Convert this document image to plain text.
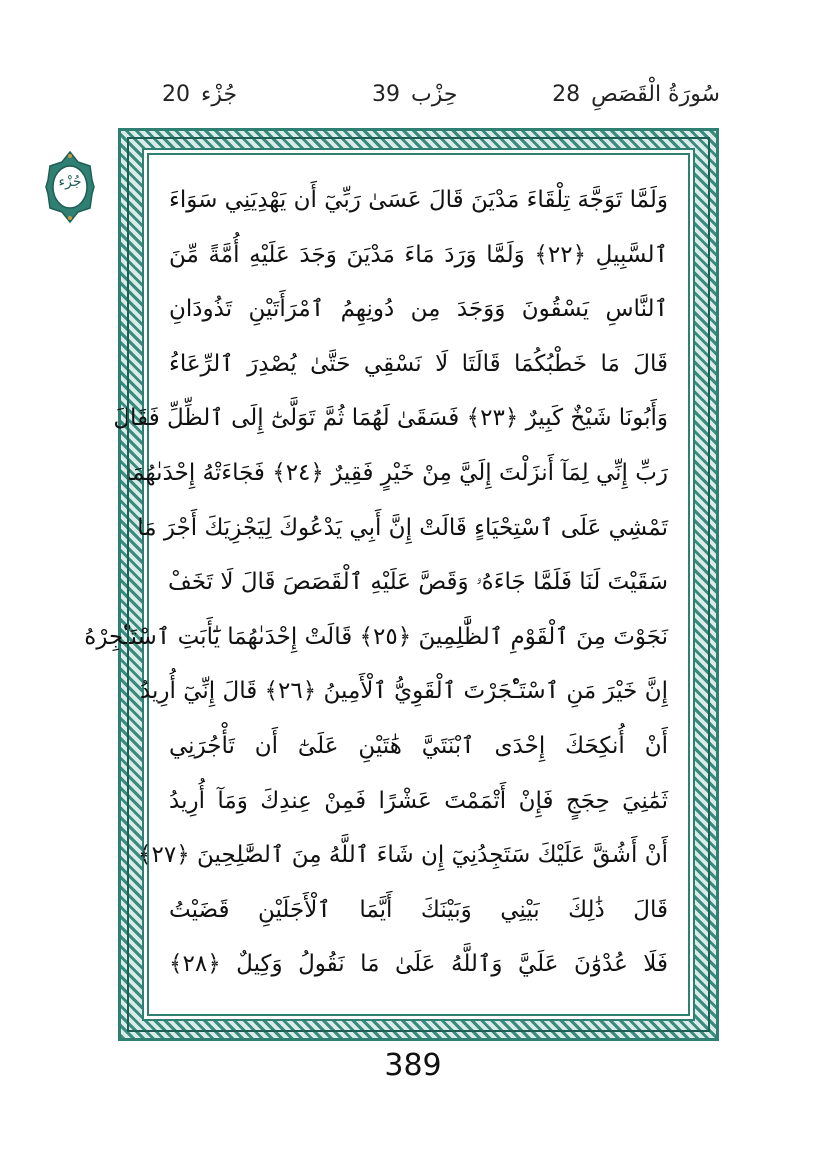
20 جُزْء	39 حِزْب	سُورَةُ الْقَصَصِ 28
جُزْء
وَلَمَّا تَوَجَّهَ تِلْقَاءَ مَدْيَنَ قَالَ عَسَىٰ رَبِّيٓ أَن يَهْدِيَنِي سَوَاءَ
ٱلسَّبِيلِ ﴿٢٢﴾ وَلَمَّا وَرَدَ مَاءَ مَدْيَنَ وَجَدَ عَلَيْهِ أُمَّةً مِّنَ
ٱلنَّاسِ يَسْقُونَ وَوَجَدَ مِن دُونِهِمُ ٱمْرَأَتَيْنِ تَذُودَانِ
قَالَ مَا خَطْبُكُمَا قَالَتَا لَا نَسْقِي حَتَّىٰ يُصْدِرَ ٱلرِّعَاءُ
وَأَبُونَا شَيْخٌ كَبِيرٌ ﴿٢٣﴾ فَسَقَىٰ لَهُمَا ثُمَّ تَوَلَّىٰٓ إِلَى ٱلظِّلِّ فَقَالَ
رَبِّ إِنِّي لِمَآ أَنزَلْتَ إِلَيَّ مِنْ خَيْرٍ فَقِيرٌ ﴿٢٤﴾ فَجَاءَتْهُ إِحْدَىٰهُمَا
تَمْشِي عَلَى ٱسْتِحْيَاءٍ قَالَتْ إِنَّ أَبِي يَدْعُوكَ لِيَجْزِيَكَ أَجْرَ مَا
سَقَيْتَ لَنَا فَلَمَّا جَاءَهُۥ وَقَصَّ عَلَيْهِ ٱلْقَصَصَ قَالَ لَا تَخَفْ
نَجَوْتَ مِنَ ٱلْقَوْمِ ٱلظَّٰلِمِينَ ﴿٢٥﴾ قَالَتْ إِحْدَىٰهُمَا يَٰٓأَبَتِ ٱسْتَـْٔجِرْهُ
إِنَّ خَيْرَ مَنِ ٱسْتَـْٔجَرْتَ ٱلْقَوِيُّ ٱلْأَمِينُ ﴿٢٦﴾ قَالَ إِنِّيٓ أُرِيدُ
أَنْ أُنكِحَكَ إِحْدَى ٱبْنَتَيَّ هَٰتَيْنِ عَلَىٰٓ أَن تَأْجُرَنِي
ثَمَٰنِيَ حِجَجٍ فَإِنْ أَتْمَمْتَ عَشْرًا فَمِنْ عِندِكَ وَمَآ أُرِيدُ
أَنْ أَشُقَّ عَلَيْكَ سَتَجِدُنِيٓ إِن شَاءَ ٱللَّهُ مِنَ ٱلصَّٰلِحِينَ ﴿٢٧﴾
قَالَ ذَٰلِكَ بَيْنِي وَبَيْنَكَ أَيَّمَا ٱلْأَجَلَيْنِ قَضَيْتُ
فَلَا عُدْوَٰنَ عَلَيَّ وَٱللَّهُ عَلَىٰ مَا نَقُولُ وَكِيلٌ ﴿٢٨﴾
389
